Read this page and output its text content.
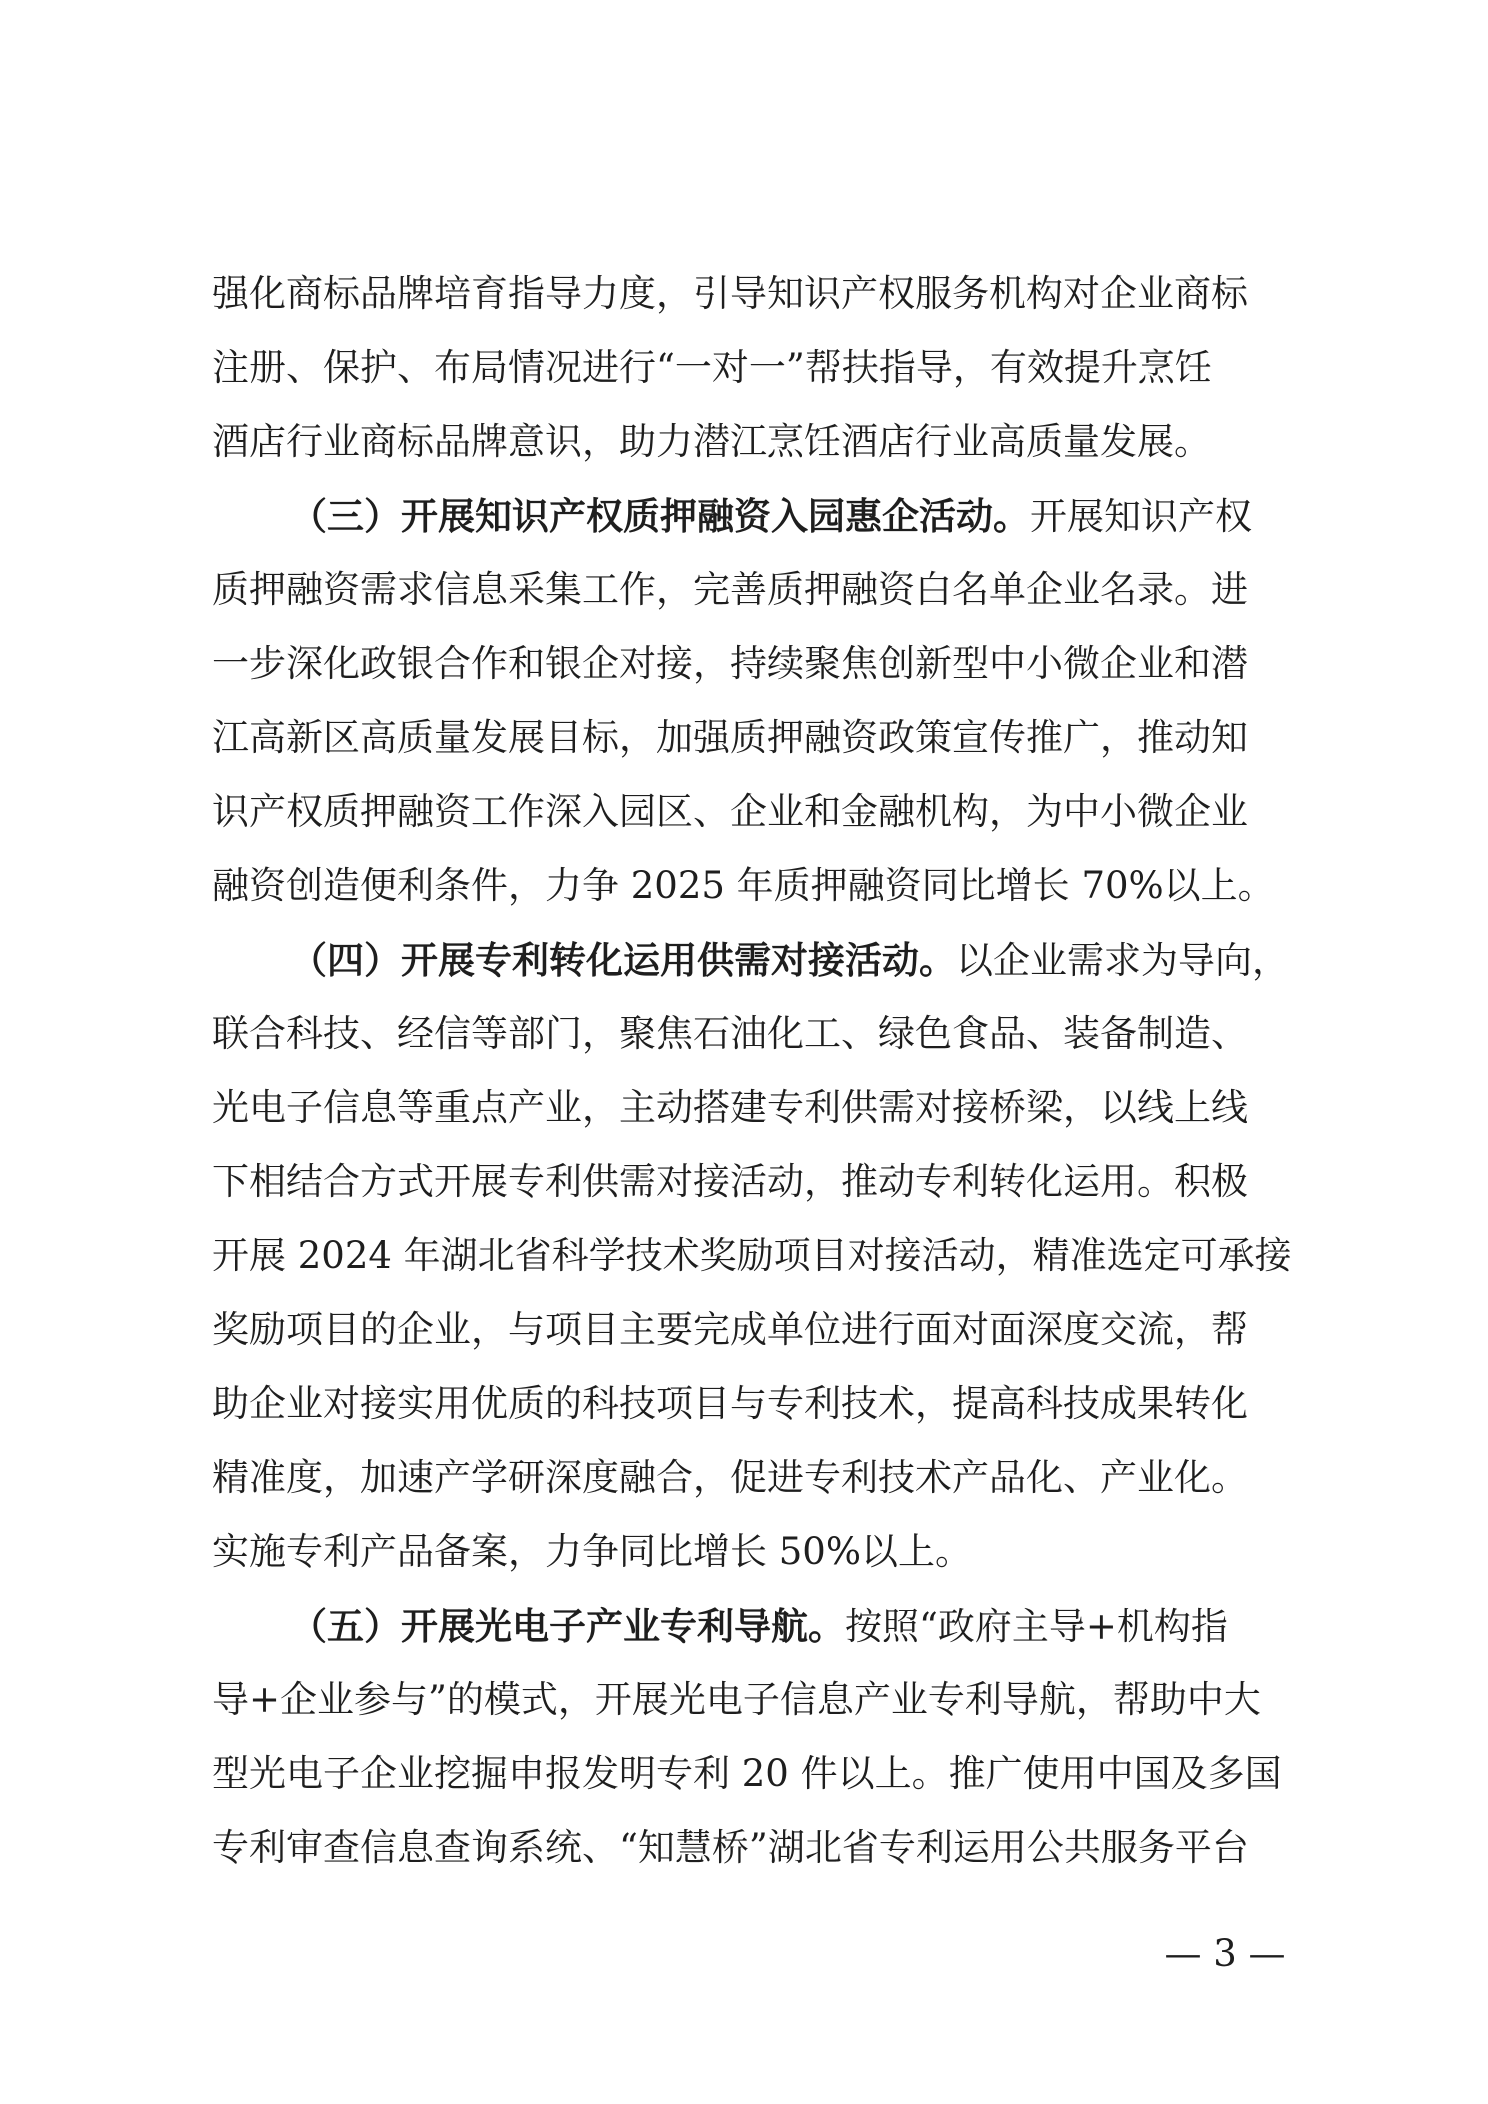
强化商标品牌培育指导力度，引导知识产权服务机构对企业商标

注册、保护、布局情况进行“一对一”帮扶指导，有效提升烹饪

酒店行业商标品牌意识，助力潜江烹饪酒店行业高质量发展。

（三）开展知识产权质押融资入园惠企活动。开展知识产权

质押融资需求信息采集工作，完善质押融资白名单企业名录。进

一步深化政银合作和银企对接，持续聚焦创新型中小微企业和潜

江高新区高质量发展目标，加强质押融资政策宣传推广，推动知

识产权质押融资工作深入园区、企业和金融机构，为中小微企业

融资创造便利条件，力争 2025 年质押融资同比增长 70%以上。

（四）开展专利转化运用供需对接活动。以企业需求为导向，

联合科技、经信等部门，聚焦石油化工、绿色食品、装备制造、

光电子信息等重点产业，主动搭建专利供需对接桥梁，以线上线

下相结合方式开展专利供需对接活动，推动专利转化运用。积极

开展 2024 年湖北省科学技术奖励项目对接活动，精准选定可承接

奖励项目的企业，与项目主要完成单位进行面对面深度交流，帮

助企业对接实用优质的科技项目与专利技术，提高科技成果转化

精准度，加速产学研深度融合，促进专利技术产品化、产业化。

实施专利产品备案，力争同比增长 50%以上。

（五）开展光电子产业专利导航。按照“政府主导+机构指

导+企业参与”的模式，开展光电子信息产业专利导航，帮助中大

型光电子企业挖掘申报发明专利 20 件以上。推广使用中国及多国

专利审查信息查询系统、“知慧桥”湖北省专利运用公共服务平台

— 3 —
